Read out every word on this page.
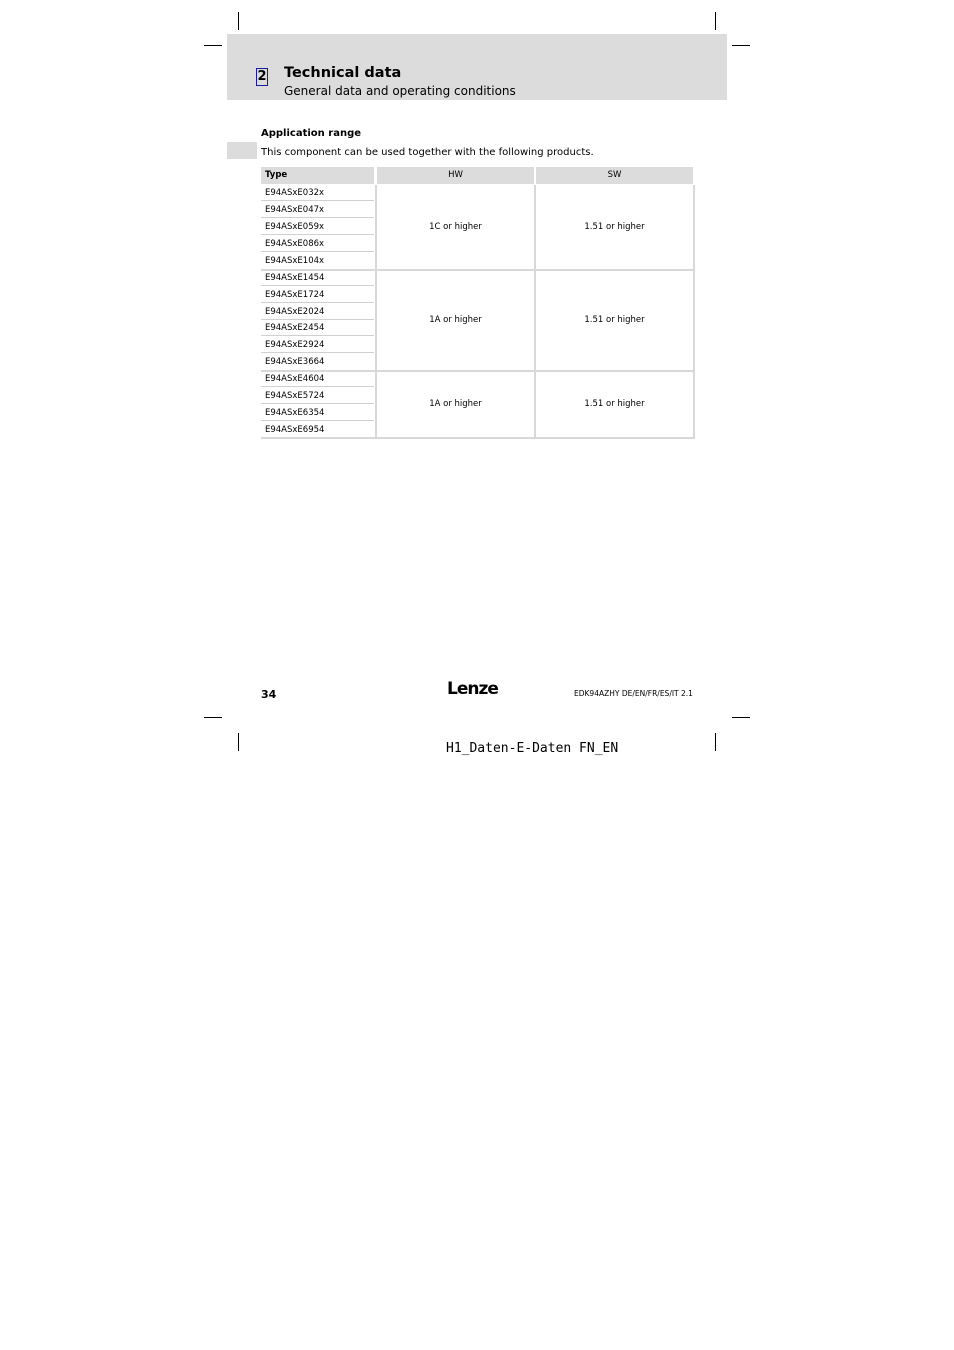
2 Technical data
General data and operating conditions
Application range
This component can be used together with the following products.
Type	HW	SW
E94ASxE032x
E94ASxE047x
E94ASxE059x
E94ASxE086x
E94ASxE104x
1C or higher	1.51 or higher
E94ASxE1454
E94ASxE1724
E94ASxE2024
E94ASxE2454
E94ASxE2924
E94ASxE3664
1A or higher	1.51 or higher
E94ASxE4604
E94ASxE5724
E94ASxE6354
E94ASxE6954
1A or higher	1.51 or higher
34	Lenze	EDK94AZHY DE/EN/FR/ES/IT 2.1
H1_Daten-E-Daten FN_EN
